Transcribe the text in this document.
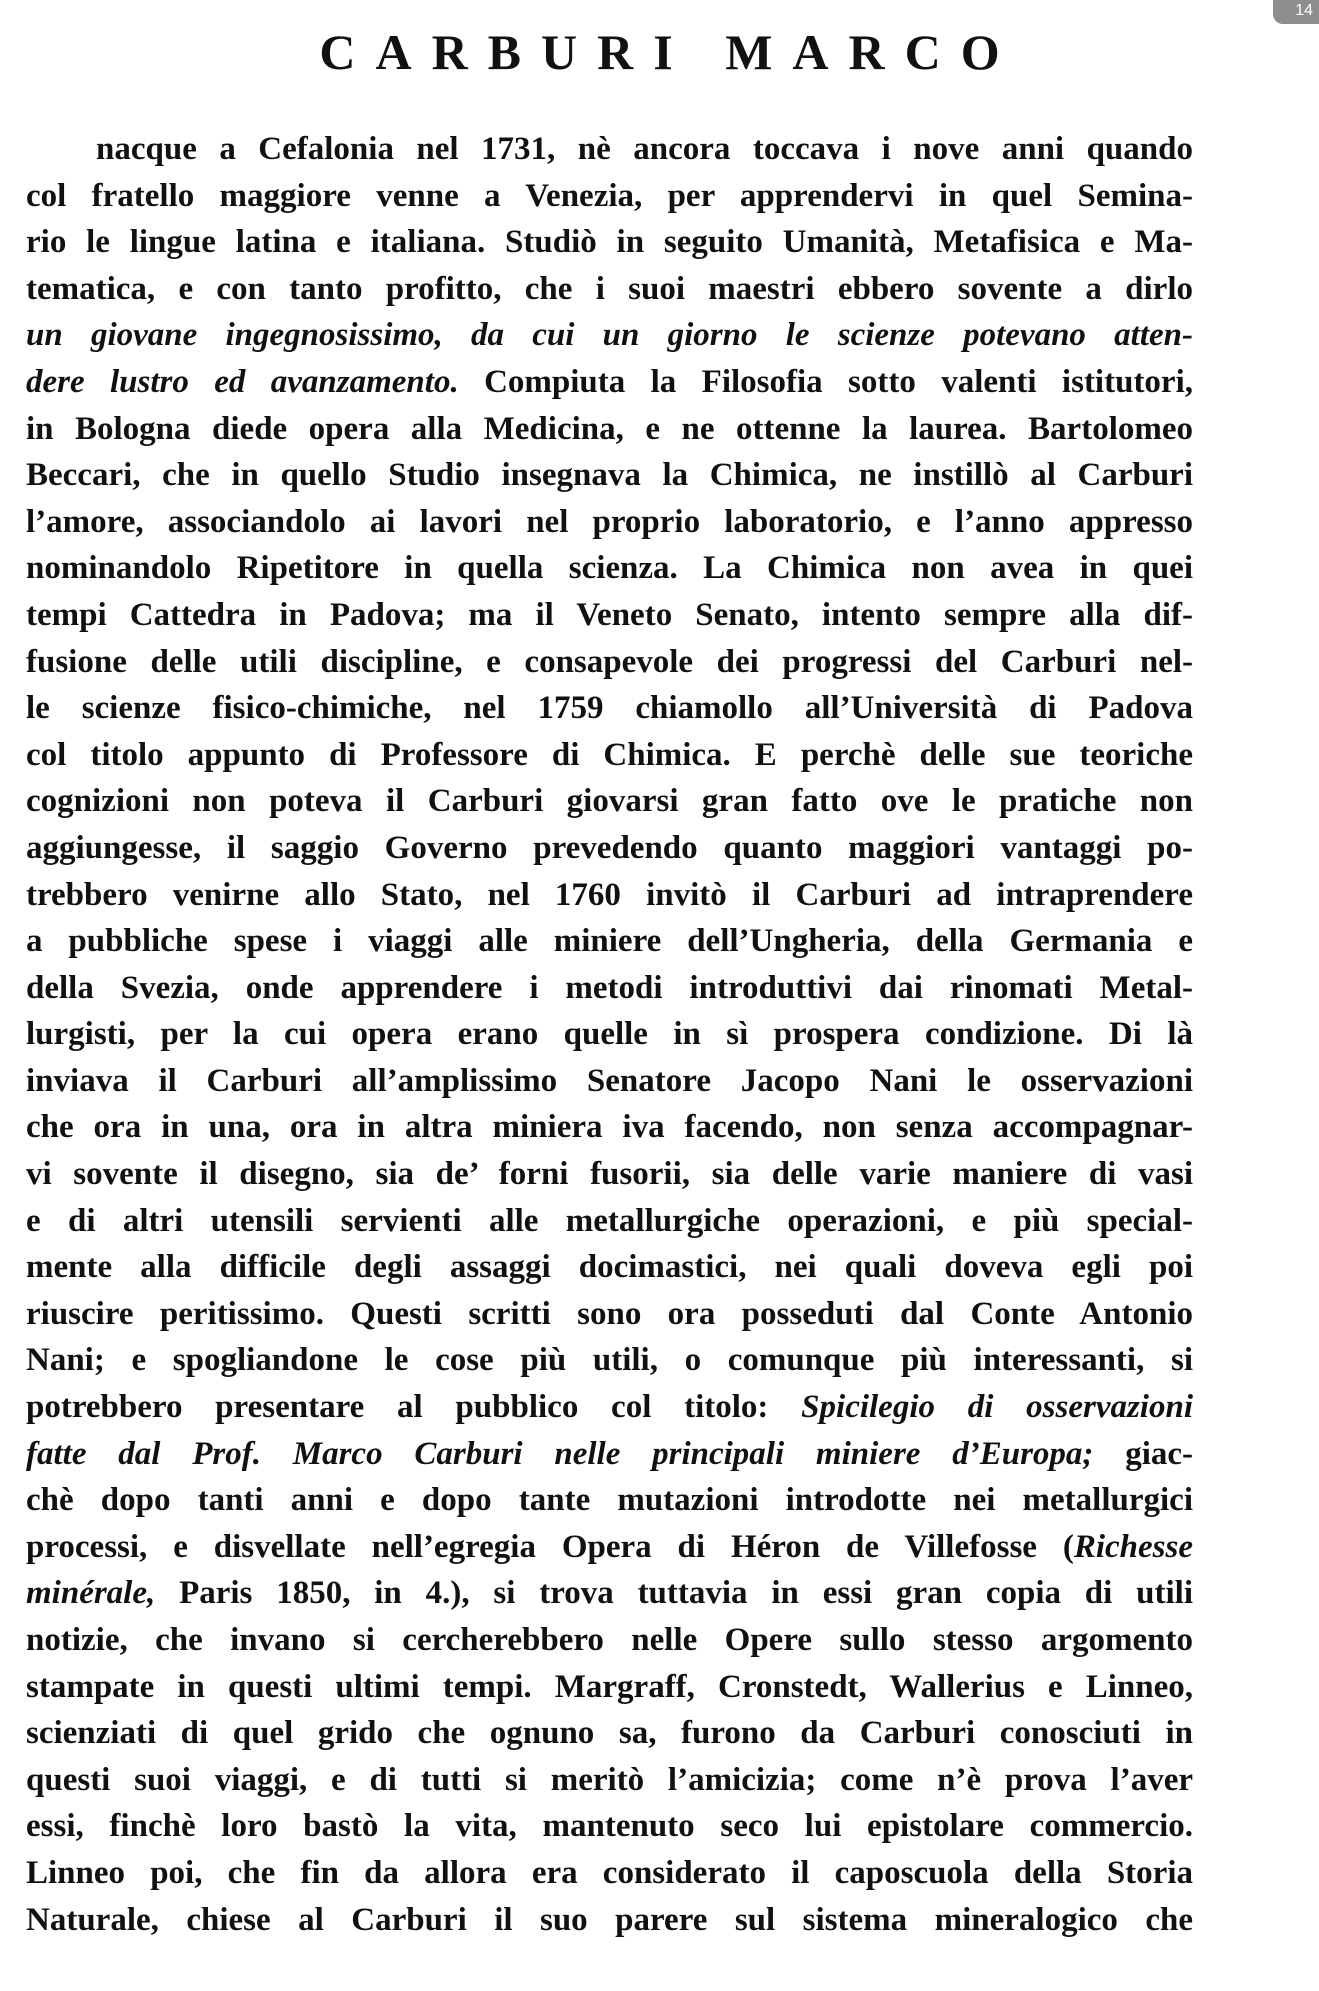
14
CARBURI MARCO
nacque a Cefalonia nel 1731, nè ancora toccava i nove anni quando
col fratello maggiore venne a Venezia, per apprendervi in quel Semina-
rio le lingue latina e italiana. Studiò in seguito Umanità, Metafisica e Ma-
tematica, e con tanto profitto, che i suoi maestri ebbero sovente a dirlo
un giovane ingegnosissimo, da cui un giorno le scienze potevano atten-
dere lustro ed avanzamento. Compiuta la Filosofia sotto valenti istitutori,
in Bologna diede opera alla Medicina, e ne ottenne la laurea. Bartolomeo
Beccari, che in quello Studio insegnava la Chimica, ne instillò al Carburi
l’amore, associandolo ai lavori nel proprio laboratorio, e l’anno appresso
nominandolo Ripetitore in quella scienza. La Chimica non avea in quei
tempi Cattedra in Padova; ma il Veneto Senato, intento sempre alla dif-
fusione delle utili discipline, e consapevole dei progressi del Carburi nel-
le scienze fisico-chimiche, nel 1759 chiamollo all’Università di Padova
col titolo appunto di Professore di Chimica. E perchè delle sue teoriche
cognizioni non poteva il Carburi giovarsi gran fatto ove le pratiche non
aggiungesse, il saggio Governo prevedendo quanto maggiori vantaggi po-
trebbero venirne allo Stato, nel 1760 invitò il Carburi ad intraprendere
a pubbliche spese i viaggi alle miniere dell’Ungheria, della Germania e
della Svezia, onde apprendere i metodi introduttivi dai rinomati Metal-
lurgisti, per la cui opera erano quelle in sì prospera condizione. Di là
inviava il Carburi all’amplissimo Senatore Jacopo Nani le osservazioni
che ora in una, ora in altra miniera iva facendo, non senza accompagnar-
vi sovente il disegno, sia de’ forni fusorii, sia delle varie maniere di vasi
e di altri utensili servienti alle metallurgiche operazioni, e più special-
mente alla difficile degli assaggi docimastici, nei quali doveva egli poi
riuscire peritissimo. Questi scritti sono ora posseduti dal Conte Antonio
Nani; e spogliandone le cose più utili, o comunque più interessanti, si
potrebbero presentare al pubblico col titolo: Spicilegio di osservazioni
fatte dal Prof. Marco Carburi nelle principali miniere d’Europa; giac-
chè dopo tanti anni e dopo tante mutazioni introdotte nei metallurgici
processi, e disvellate nell’egregia Opera di Héron de Villefosse (Richesse
minérale, Paris 1850, in 4.), si trova tuttavia in essi gran copia di utili
notizie, che invano si cercherebbero nelle Opere sullo stesso argomento
stampate in questi ultimi tempi. Margraff, Cronstedt, Wallerius e Linneo,
scienziati di quel grido che ognuno sa, furono da Carburi conosciuti in
questi suoi viaggi, e di tutti si meritò l’amicizia; come n’è prova l’aver
essi, finchè loro bastò la vita, mantenuto seco lui epistolare commercio.
Linneo poi, che fin da allora era considerato il caposcuola della Storia
Naturale, chiese al Carburi il suo parere sul sistema mineralogico che
